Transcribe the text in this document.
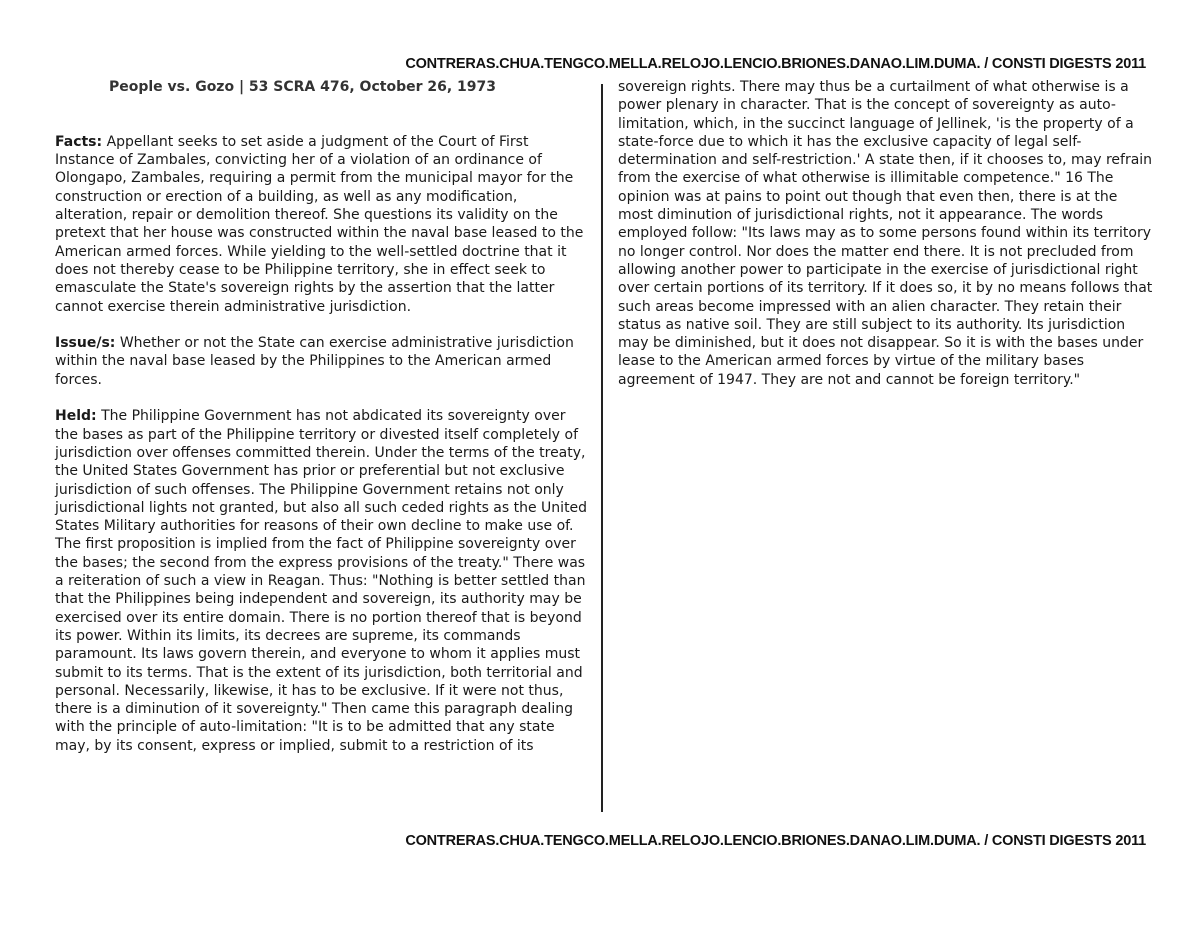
CONTRERAS.CHUA.TENGCO.MELLA.RELOJO.LENCIO.BRIONES.DANAO.LIM.DUMA. / CONSTI DIGESTS 2011
People vs. Gozo | 53 SCRA 476, October 26, 1973
Facts: Appellant seeks to set aside a judgment of the Court of First Instance of Zambales, convicting her of a violation of an ordinance of Olongapo, Zambales, requiring a permit from the municipal mayor for the construction or erection of a building, as well as any modification, alteration, repair or demolition thereof. She questions its validity on the pretext that her house was constructed within the naval base leased to the American armed forces. While yielding to the well-settled doctrine that it does not thereby cease to be Philippine territory, she in effect seek to emasculate the State's sovereign rights by the assertion that the latter cannot exercise therein administrative jurisdiction.
Issue/s: Whether or not the State can exercise administrative jurisdiction within the naval base leased by the Philippines to the American armed forces.
Held: The Philippine Government has not abdicated its sovereignty over the bases as part of the Philippine territory or divested itself completely of jurisdiction over offenses committed therein. Under the terms of the treaty, the United States Government has prior or preferential but not exclusive jurisdiction of such offenses. The Philippine Government retains not only jurisdictional lights not granted, but also all such ceded rights as the United States Military authorities for reasons of their own decline to make use of. The first proposition is implied from the fact of Philippine sovereignty over the bases; the second from the express provisions of the treaty." There was a reiteration of such a view in Reagan. Thus: "Nothing is better settled than that the Philippines being independent and sovereign, its authority may be exercised over its entire domain. There is no portion thereof that is beyond its power. Within its limits, its decrees are supreme, its commands paramount. Its laws govern therein, and everyone to whom it applies must submit to its terms. That is the extent of its jurisdiction, both territorial and personal. Necessarily, likewise, it has to be exclusive. If it were not thus, there is a diminution of it sovereignty." Then came this paragraph dealing with the principle of auto-limitation: "It is to be admitted that any state may, by its consent, express or implied, submit to a restriction of its
sovereign rights. There may thus be a curtailment of what otherwise is a power plenary in character. That is the concept of sovereignty as auto-limitation, which, in the succinct language of Jellinek, 'is the property of a state-force due to which it has the exclusive capacity of legal self-determination and self-restriction.' A state then, if it chooses to, may refrain from the exercise of what otherwise is illimitable competence." 16 The opinion was at pains to point out though that even then, there is at the most diminution of jurisdictional rights, not it appearance. The words employed follow: "Its laws may as to some persons found within its territory no longer control. Nor does the matter end there. It is not precluded from allowing another power to participate in the exercise of jurisdictional right over certain portions of its territory. If it does so, it by no means follows that such areas become impressed with an alien character. They retain their status as native soil. They are still subject to its authority. Its jurisdiction may be diminished, but it does not disappear. So it is with the bases under lease to the American armed forces by virtue of the military bases agreement of 1947. They are not and cannot be foreign territory."
CONTRERAS.CHUA.TENGCO.MELLA.RELOJO.LENCIO.BRIONES.DANAO.LIM.DUMA. / CONSTI DIGESTS 2011
